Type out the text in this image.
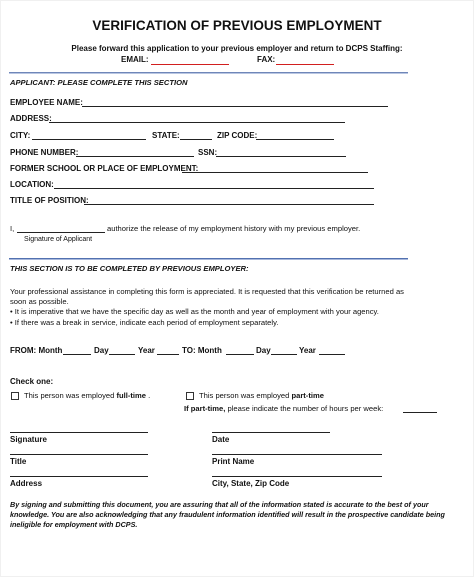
VERIFICATION OF PREVIOUS EMPLOYMENT
Please forward this application to your previous employer and return to DCPS Staffing:
EMAIL:	FAX:
APPLICANT: PLEASE COMPLETE THIS SECTION
EMPLOYEE NAME:
ADDRESS:
CITY:	STATE:	ZIP CODE:
PHONE NUMBER:	SSN:
FORMER SCHOOL OR PLACE OF EMPLOYMENT:
LOCATION:
TITLE OF POSITION:
I,	authorize the release of my employment history with my previous employer.
Signature of Applicant
THIS SECTION IS TO BE COMPLETED BY PREVIOUS EMPLOYER:
Your professional assistance in completing this form is appreciated. It is requested that this verification be returned as
soon as possible.
• It is imperative that we have the specific day as well as the month and year of employment with your agency.
• If there was a break in service, indicate each period of employment separately.
FROM: Month	Day	Year	TO: Month	Day	Year
Check one:
This person was employed full-time .	This person was employed part-time
If part-time, please indicate the number of hours per week:
Signature	Date
Title	Print Name
Address	City, State, Zip Code
By signing and submitting this document, you are assuring that all of the information stated is accurate to the best of your
knowledge. You are also acknowledging that any fraudulent information identified will result in the prospective candidate being
ineligible for employment with DCPS.
